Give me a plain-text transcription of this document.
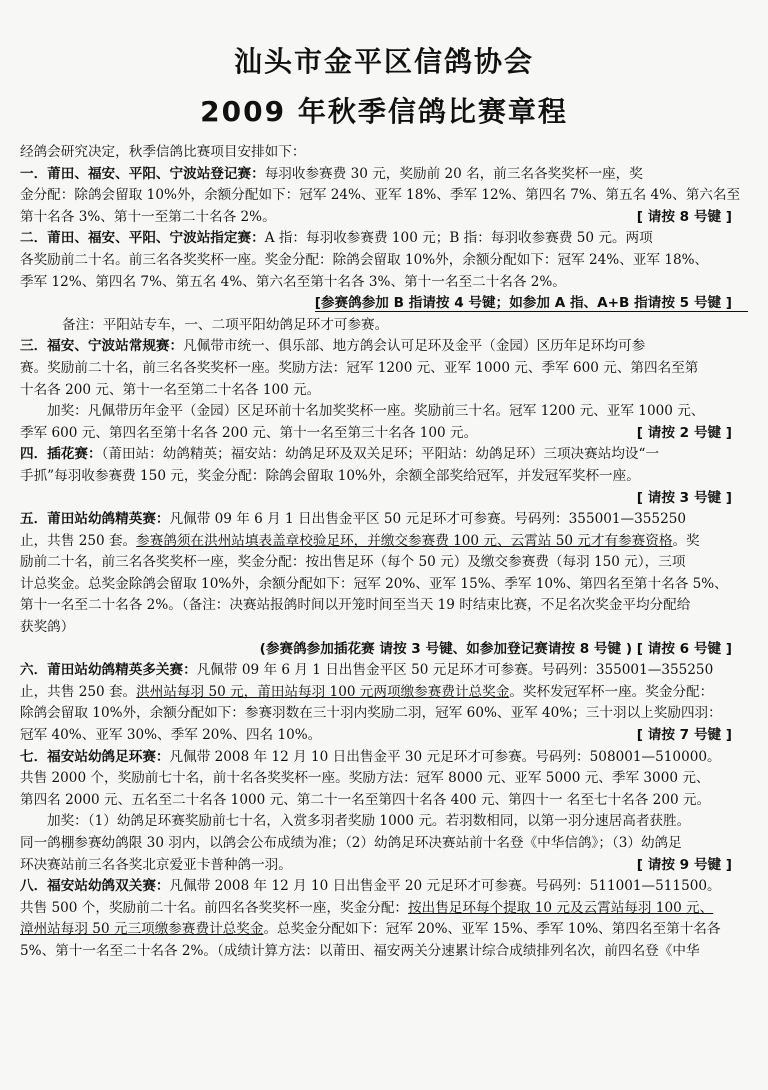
汕头市金平区信鸽协会
2009 年秋季信鸽比赛章程
经鸽会研究决定，秋季信鸽比赛项目安排如下：
一．莆田、福安、平阳、宁波站登记赛：每羽收参赛费 30 元，奖励前 20 名，前三名各奖奖杯一座，奖
金分配：除鸽会留取 10%外，余额分配如下：冠军 24%、亚军 18%、季军 12%、第四名 7%、第五名 4%、第六名至
第十名各 3%、第十一至第二十名各 2%。	[ 请按 8 号键 ]
二．莆田、福安、平阳、宁波站指定赛：A 指：每羽收参赛费 100 元；B 指：每羽收参赛费 50 元。两项
各奖励前二十名。前三名各奖奖杯一座。奖金分配：除鸽会留取 10%外，余额分配如下：冠军 24%、亚军 18%、
季军 12%、第四名 7%、第五名 4%、第六名至第十名各 3%、第十一名至二十名各 2%。
[参赛鸽参加 B 指请按 4 号键；如参加 A 指、A+B 指请按 5 号键 ]
备注：平阳站专车，一、二项平阳幼鸽足环才可参赛。
三．福安、宁波站常规赛：凡佩带市统一、俱乐部、地方鸽会认可足环及金平（金园）区历年足环均可参
赛。奖励前二十名，前三名各奖奖杯一座。奖励方法：冠军 1200 元、亚军 1000 元、季军 600 元、第四名至第
十名各 200 元、第十一名至第二十名各 100 元。
加奖：凡佩带历年金平（金园）区足环前十名加奖奖杯一座。奖励前三十名。冠军 1200 元、亚军 1000 元、
季军 600 元、第四名至第十名各 200 元、第十一名至第三十名各 100 元。	[ 请按 2 号键 ]
四．插花赛：（莆田站：幼鸽精英；福安站：幼鸽足环及双关足环；平阳站：幼鸽足环）三项决赛站均设“一
手抓”每羽收参赛费 150 元，奖金分配：除鸽会留取 10%外，余额全部奖给冠军，并发冠军奖杯一座。
[ 请按 3 号键 ]
五．莆田站幼鸽精英赛：凡佩带 09 年 6 月 1 日出售金平区 50 元足环才可参赛。号码列：355001—355250
止，共售 250 套。参赛鸽须在洪州站填表盖章校验足环，并缴交参赛费 100 元、云霄站 50 元才有参赛资格。奖
励前二十名，前三名各奖奖杯一座，奖金分配：按出售足环（每个 50 元）及缴交参赛费（每羽 150 元），三项
计总奖金。总奖金除鸽会留取 10%外，余额分配如下：冠军 20%、亚军 15%、季军 10%、第四名至第十名各 5%、
第十一名至二十名各 2%。（备注：决赛站报鸽时间以开笼时间至当天 19 时结束比赛，不足名次奖金平均分配给
获奖鸽）
(参赛鸽参加插花赛 请按 3 号键、如参加登记赛请按 8 号键 ) [ 请按 6 号键 ]
六．莆田站幼鸽精英多关赛：凡佩带 09 年 6 月 1 日出售金平区 50 元足环才可参赛。号码列：355001—355250
止，共售 250 套。洪州站每羽 50 元，莆田站每羽 100 元两项缴参赛费计总奖金。奖杯发冠军杯一座。奖金分配：
除鸽会留取 10%外，余额分配如下：参赛羽数在三十羽内奖励二羽，冠军 60%、亚军 40%；三十羽以上奖励四羽：
冠军 40%、亚军 30%、季军 20%、四名 10%。	[ 请按 7 号键 ]
七．福安站幼鸽足环赛：凡佩带 2008 年 12 月 10 日出售金平 30 元足环才可参赛。号码列：508001—510000。
共售 2000 个，奖励前七十名，前十名各奖奖杯一座。奖励方法：冠军 8000 元、亚军 5000 元、季军 3000 元、
第四名 2000 元、五名至二十名各 1000 元、第二十一名至第四十名各 400 元、第四十一 名至七十名各 200 元。
加奖：（1）幼鸽足环赛奖励前七十名，入赏多羽者奖励 1000 元。若羽数相同，以第一羽分速居高者获胜。
同一鸽棚参赛幼鸽限 30 羽内，以鸽会公布成绩为准；（2）幼鸽足环决赛站前十名登《中华信鸽》；（3）幼鸽足
环决赛站前三名各奖北京爱亚卡普种鸽一羽。	[ 请按 9 号键 ]
八．福安站幼鸽双关赛：凡佩带 2008 年 12 月 10 日出售金平 20 元足环才可参赛。号码列：511001—511500。
共售 500 个，奖励前二十名。前四名各奖奖杯一座，奖金分配：按出售足环每个提取 10 元及云霄站每羽 100 元、
漳州站每羽 50 元三项缴参赛费计总奖金。总奖金分配如下：冠军 20%、亚军 15%、季军 10%、第四名至第十名各
5%、第十一名至二十名各 2%。（成绩计算方法：以莆田、福安两关分速累计综合成绩排列名次，前四名登《中华
